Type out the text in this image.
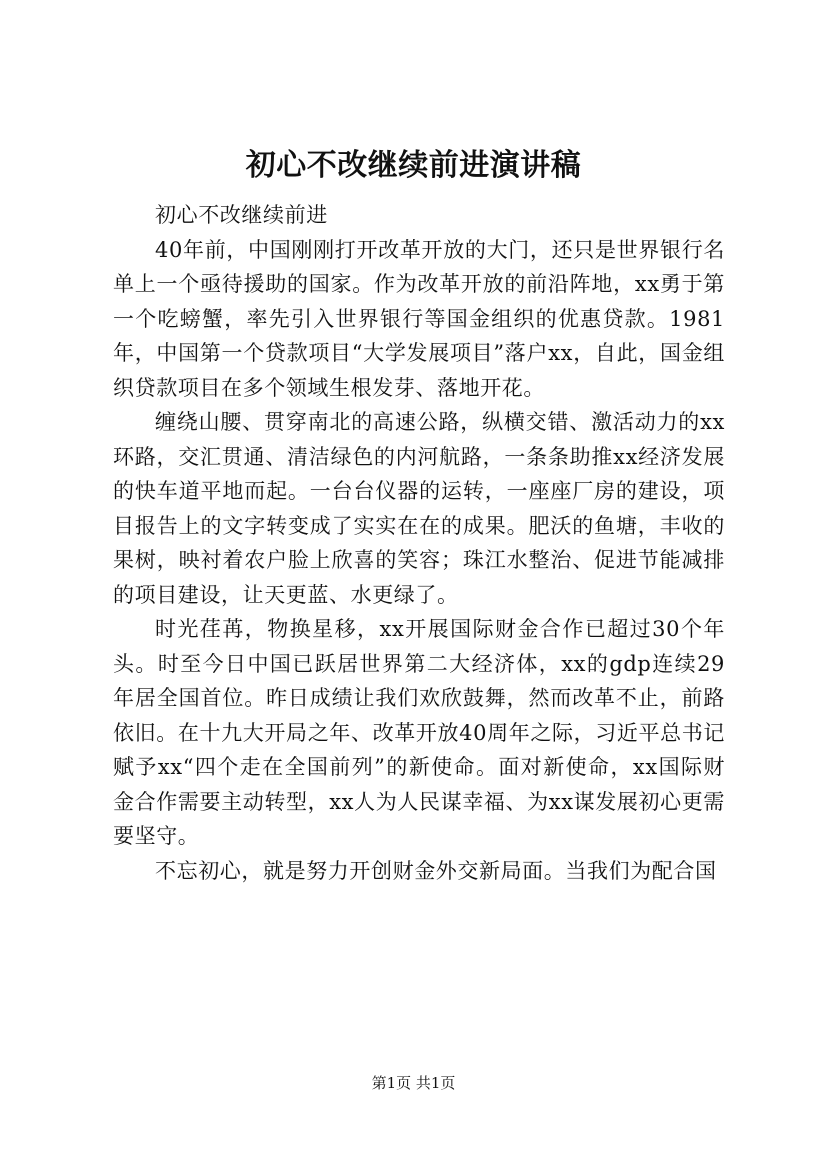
初心不改继续前进演讲稿

初心不改继续前进

40年前，中国刚刚打开改革开放的大门，还只是世界银行名单上一个亟待援助的国家。作为改革开放的前沿阵地，xx勇于第一个吃螃蟹，率先引入世界银行等国金组织的优惠贷款。1981年，中国第一个贷款项目“大学发展项目”落户xx，自此，国金组织贷款项目在多个领域生根发芽、落地开花。

缠绕山腰、贯穿南北的高速公路，纵横交错、激活动力的xx环路，交汇贯通、清洁绿色的内河航路，一条条助推xx经济发展的快车道平地而起。一台台仪器的运转，一座座厂房的建设，项目报告上的文字转变成了实实在在的成果。肥沃的鱼塘，丰收的果树，映衬着农户脸上欣喜的笑容；珠江水整治、促进节能减排的项目建设，让天更蓝、水更绿了。

时光荏苒，物换星移，xx开展国际财金合作已超过30个年头。时至今日中国已跃居世界第二大经济体，xx的gdp连续29年居全国首位。昨日成绩让我们欢欣鼓舞，然而改革不止，前路依旧。在十九大开局之年、改革开放40周年之际，习近平总书记赋予xx“四个走在全国前列”的新使命。面对新使命，xx国际财金合作需要主动转型，xx人为人民谋幸福、为xx谋发展初心更需要坚守。

不忘初心，就是努力开创财金外交新局面。当我们为配合国

第1页 共1页
